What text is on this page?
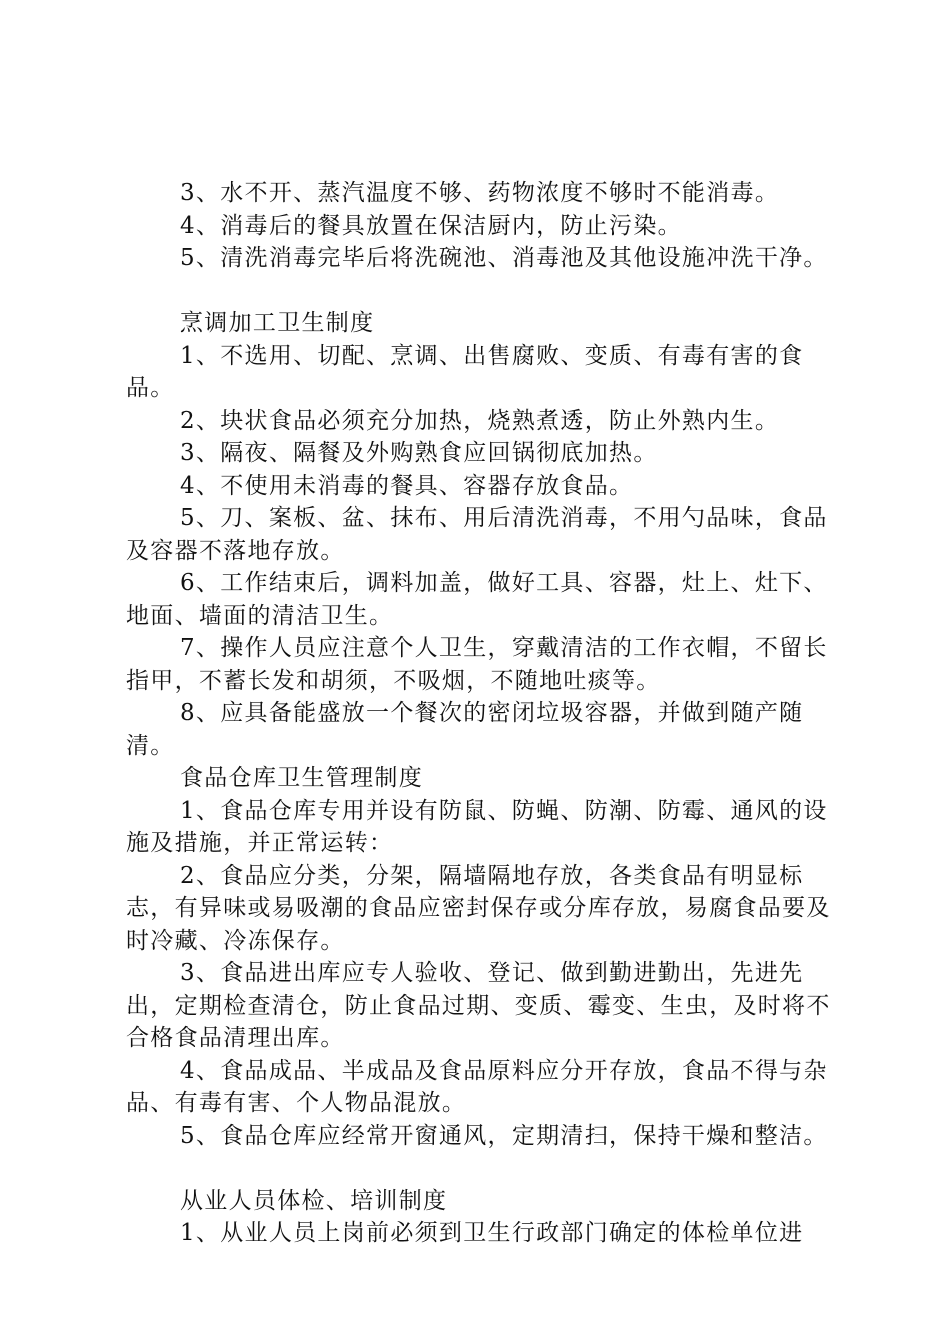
3、水不开、蒸汽温度不够、药物浓度不够时不能消毒。

4、消毒后的餐具放置在保洁厨内，防止污染。

5、清洗消毒完毕后将洗碗池、消毒池及其他设施冲洗干净。

烹调加工卫生制度

1、不选用、切配、烹调、出售腐败、变质、有毒有害的食品。

2、块状食品必须充分加热，烧熟煮透，防止外熟内生。

3、隔夜、隔餐及外购熟食应回锅彻底加热。

4、不使用未消毒的餐具、容器存放食品。

5、刀、案板、盆、抹布、用后清洗消毒，不用勺品味，食品及容器不落地存放。

6、工作结束后，调料加盖，做好工具、容器，灶上、灶下、地面、墙面的清洁卫生。

7、操作人员应注意个人卫生，穿戴清洁的工作衣帽，不留长指甲，不蓄长发和胡须，不吸烟，不随地吐痰等。

8、应具备能盛放一个餐次的密闭垃圾容器，并做到随产随清。

食品仓库卫生管理制度

1、食品仓库专用并设有防鼠、防蝇、防潮、防霉、通风的设施及措施，并正常运转：

2、食品应分类，分架，隔墙隔地存放，各类食品有明显标志，有异味或易吸潮的食品应密封保存或分库存放，易腐食品要及时冷藏、冷冻保存。

3、食品进出库应专人验收、登记、做到勤进勤出，先进先出，定期检查清仓，防止食品过期、变质、霉变、生虫，及时将不合格食品清理出库。

4、食品成品、半成品及食品原料应分开存放，食品不得与杂品、有毒有害、个人物品混放。

5、食品仓库应经常开窗通风，定期清扫，保持干燥和整洁。

从业人员体检、培训制度

1、从业人员上岗前必须到卫生行政部门确定的体检单位进
